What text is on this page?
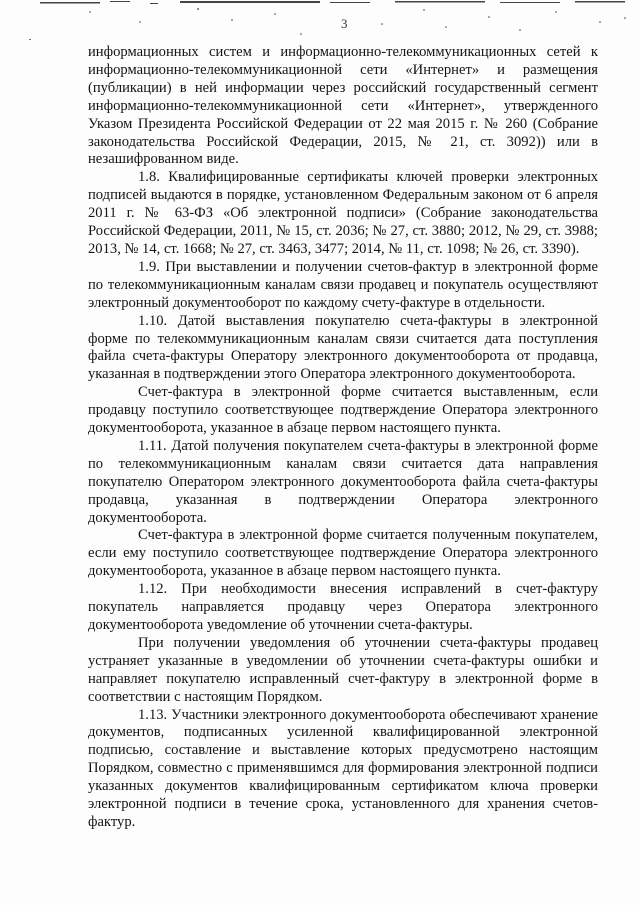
3

информационных систем и информационно-телекоммуникационных сетей к информационно-телекоммуникационной сети «Интернет» и размещения (публикации) в ней информации через российский государственный сегмент информационно-телекоммуникационной сети «Интернет», утвержденного Указом Президента Российской Федерации от 22 мая 2015 г. № 260 (Собрание законодательства Российской Федерации, 2015, № 21, ст. 3092)) или в незашифрованном виде.

1.8. Квалифицированные сертификаты ключей проверки электронных подписей выдаются в порядке, установленном Федеральным законом от 6 апреля 2011 г. № 63-ФЗ «Об электронной подписи» (Собрание законодательства Российской Федерации, 2011, № 15, ст. 2036; № 27, ст. 3880; 2012, № 29, ст. 3988; 2013, № 14, ст. 1668; № 27, ст. 3463, 3477; 2014, № 11, ст. 1098; № 26, ст. 3390).

1.9. При выставлении и получении счетов-фактур в электронной форме по телекоммуникационным каналам связи продавец и покупатель осуществляют электронный документооборот по каждому счету-фактуре в отдельности.

1.10. Датой выставления покупателю счета-фактуры в электронной форме по телекоммуникационным каналам связи считается дата поступления файла счета-фактуры Оператору электронного документооборота от продавца, указанная в подтверждении этого Оператора электронного документооборота.

Счет-фактура в электронной форме считается выставленным, если продавцу поступило соответствующее подтверждение Оператора электронного документооборота, указанное в абзаце первом настоящего пункта.

1.11. Датой получения покупателем счета-фактуры в электронной форме по телекоммуникационным каналам связи считается дата направления покупателю Оператором электронного документооборота файла счета-фактуры продавца, указанная в подтверждении Оператора электронного документооборота.

Счет-фактура в электронной форме считается полученным покупателем, если ему поступило соответствующее подтверждение Оператора электронного документооборота, указанное в абзаце первом настоящего пункта.

1.12. При необходимости внесения исправлений в счет-фактуру покупатель направляется продавцу через Оператора электронного документооборота уведомление об уточнении счета-фактуры.

При получении уведомления об уточнении счета-фактуры продавец устраняет указанные в уведомлении об уточнении счета-фактуры ошибки и направляет покупателю исправленный счет-фактуру в электронной форме в соответствии с настоящим Порядком.

1.13. Участники электронного документооборота обеспечивают хранение документов, подписанных усиленной квалифицированной электронной подписью, составление и выставление которых предусмотрено настоящим Порядком, совместно с применявшимся для формирования электронной подписи указанных документов квалифицированным сертификатом ключа проверки электронной подписи в течение срока, установленного для хранения счетов-фактур.
